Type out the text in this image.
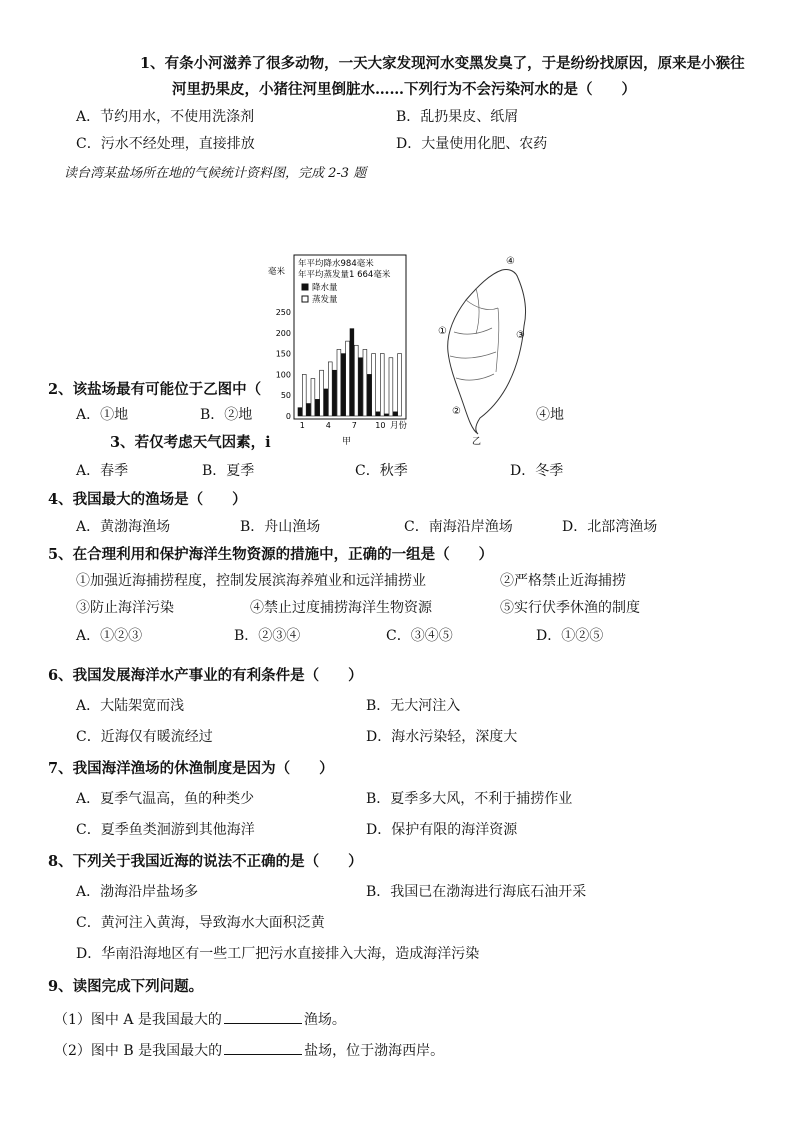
1、有条小河滋养了很多动物，一天大家发现河水变黑发臭了，于是纷纷找原因，原来是小猴往
河里扔果皮，小猪往河里倒脏水……下列行为不会污染河水的是（　　）
A．节约用水，不使用洗涤剂	B．乱扔果皮、纸屑
C．污水不经处理，直接排放	D．大量使用化肥、农药
读台湾某盐场所在地的气候统计资料图，完成 2-3 题
年平均降水984毫米
年平均蒸发量1 664毫米
毫米
降水量
蒸发量
0
50
100
150
200
250
1	4	7 10 月份
甲
④
①	③
②
乙
2、该盐场最有可能位于乙图中（
A．①地	B．②地	④地
3、若仅考虑天气因素，i
A．春季	B．夏季	C．秋季	D．冬季
4、我国最大的渔场是（　　）
A．黄渤海渔场	B．舟山渔场	C．南海沿岸渔场	D．北部湾渔场
5、在合理利用和保护海洋生物资源的措施中，正确的一组是（　　）
①加强近海捕捞程度，控制发展滨海养殖业和远洋捕捞业	②严格禁止近海捕捞
③防止海洋污染	④禁止过度捕捞海洋生物资源	⑤实行伏季休渔的制度
A．①②③	B．②③④	C．③④⑤	D．①②⑤
6、我国发展海洋水产事业的有利条件是（　　）
A．大陆架宽而浅	B．无大河注入
C．近海仅有暖流经过	D．海水污染轻，深度大
7、我国海洋渔场的休渔制度是因为（　　）
A．夏季气温高，鱼的种类少	B．夏季多大风，不利于捕捞作业
C．夏季鱼类洄游到其他海洋	D．保护有限的海洋资源
8、下列关于我国近海的说法不正确的是（　　）
A．渤海沿岸盐场多	B．我国已在渤海进行海底石油开采
C．黄河注入黄海，导致海水大面积泛黄
D．华南沿海地区有一些工厂把污水直接排入大海，造成海洋污染
9、读图完成下列问题。
（1）图中 A 是我国最大的	渔场。
（2）图中 B 是我国最大的	盐场，位于渤海西岸。
